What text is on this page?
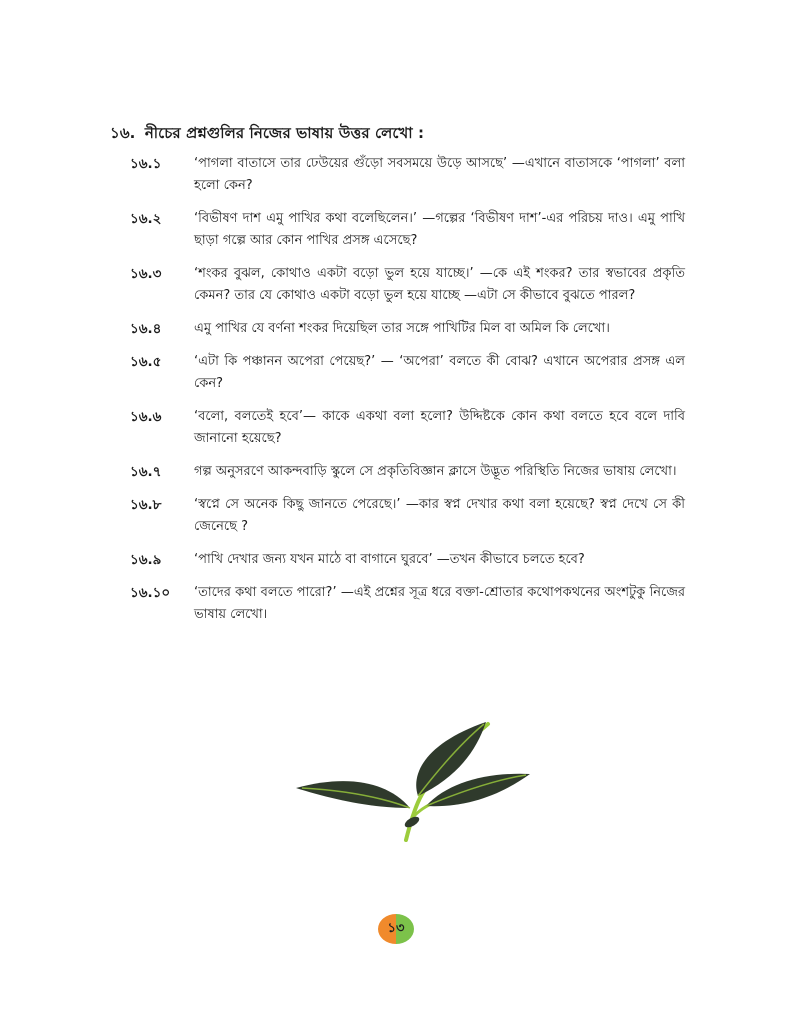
১৬. নীচের প্রশ্নগুলির নিজের ভাষায় উত্তর লেখো :
১৬.১	‘পাগলা বাতাসে তার ঢেউয়ের গুঁড়ো সবসময়ে উড়ে আসছে’ —এখানে বাতাসকে ‘পাগলা’ বলা হলো কেন?
১৬.২	‘বিভীষণ দাশ এমু পাখির কথা বলেছিলেন।’ —গল্পের ‘বিভীষণ দাশ’-এর পরিচয় দাও। এমু পাখি ছাড়া গল্পে আর কোন পাখির প্রসঙ্গ এসেছে?
১৬.৩	‘শংকর বুঝল, কোথাও একটা বড়ো ভুল হয়ে যাচ্ছে।’ —কে এই শংকর? তার স্বভাবের প্রকৃতি কেমন? তার যে কোথাও একটা বড়ো ভুল হয়ে যাচ্ছে —এটা সে কীভাবে বুঝতে পারল?
১৬.৪	এমু পাখির যে বর্ণনা শংকর দিয়েছিল তার সঙ্গে পাখিটির মিল বা অমিল কি লেখো।
১৬.৫	‘এটা কি পঞ্চানন অপেরা পেয়েছ?’ — ‘অপেরা’ বলতে কী বোঝ? এখানে অপেরার প্রসঙ্গ এল কেন?
১৬.৬	‘বলো, বলতেই হবে’— কাকে একথা বলা হলো? উদ্দিষ্টকে কোন কথা বলতে হবে বলে দাবি জানানো হয়েছে?
১৬.৭	গল্প অনুসরণে আকন্দবাড়ি স্কুলে সে প্রকৃতিবিজ্ঞান ক্লাসে উদ্ভূত পরিস্থিতি নিজের ভাষায় লেখো।
১৬.৮	‘স্বপ্নে সে অনেক কিছু জানতে পেরেছে।’ —কার স্বপ্ন দেখার কথা বলা হয়েছে? স্বপ্ন দেখে সে কী জেনেছে ?
১৬.৯	‘পাখি দেখার জন্য যখন মাঠে বা বাগানে ঘুরবে’ —তখন কীভাবে চলতে হবে?
১৬.১০	‘তাদের কথা বলতে পারো?’ —এই প্রশ্নের সূত্র ধরে বক্তা-শ্রোতার কথোপকথনের অংশটুকু নিজের ভাষায় লেখো।
১৩
